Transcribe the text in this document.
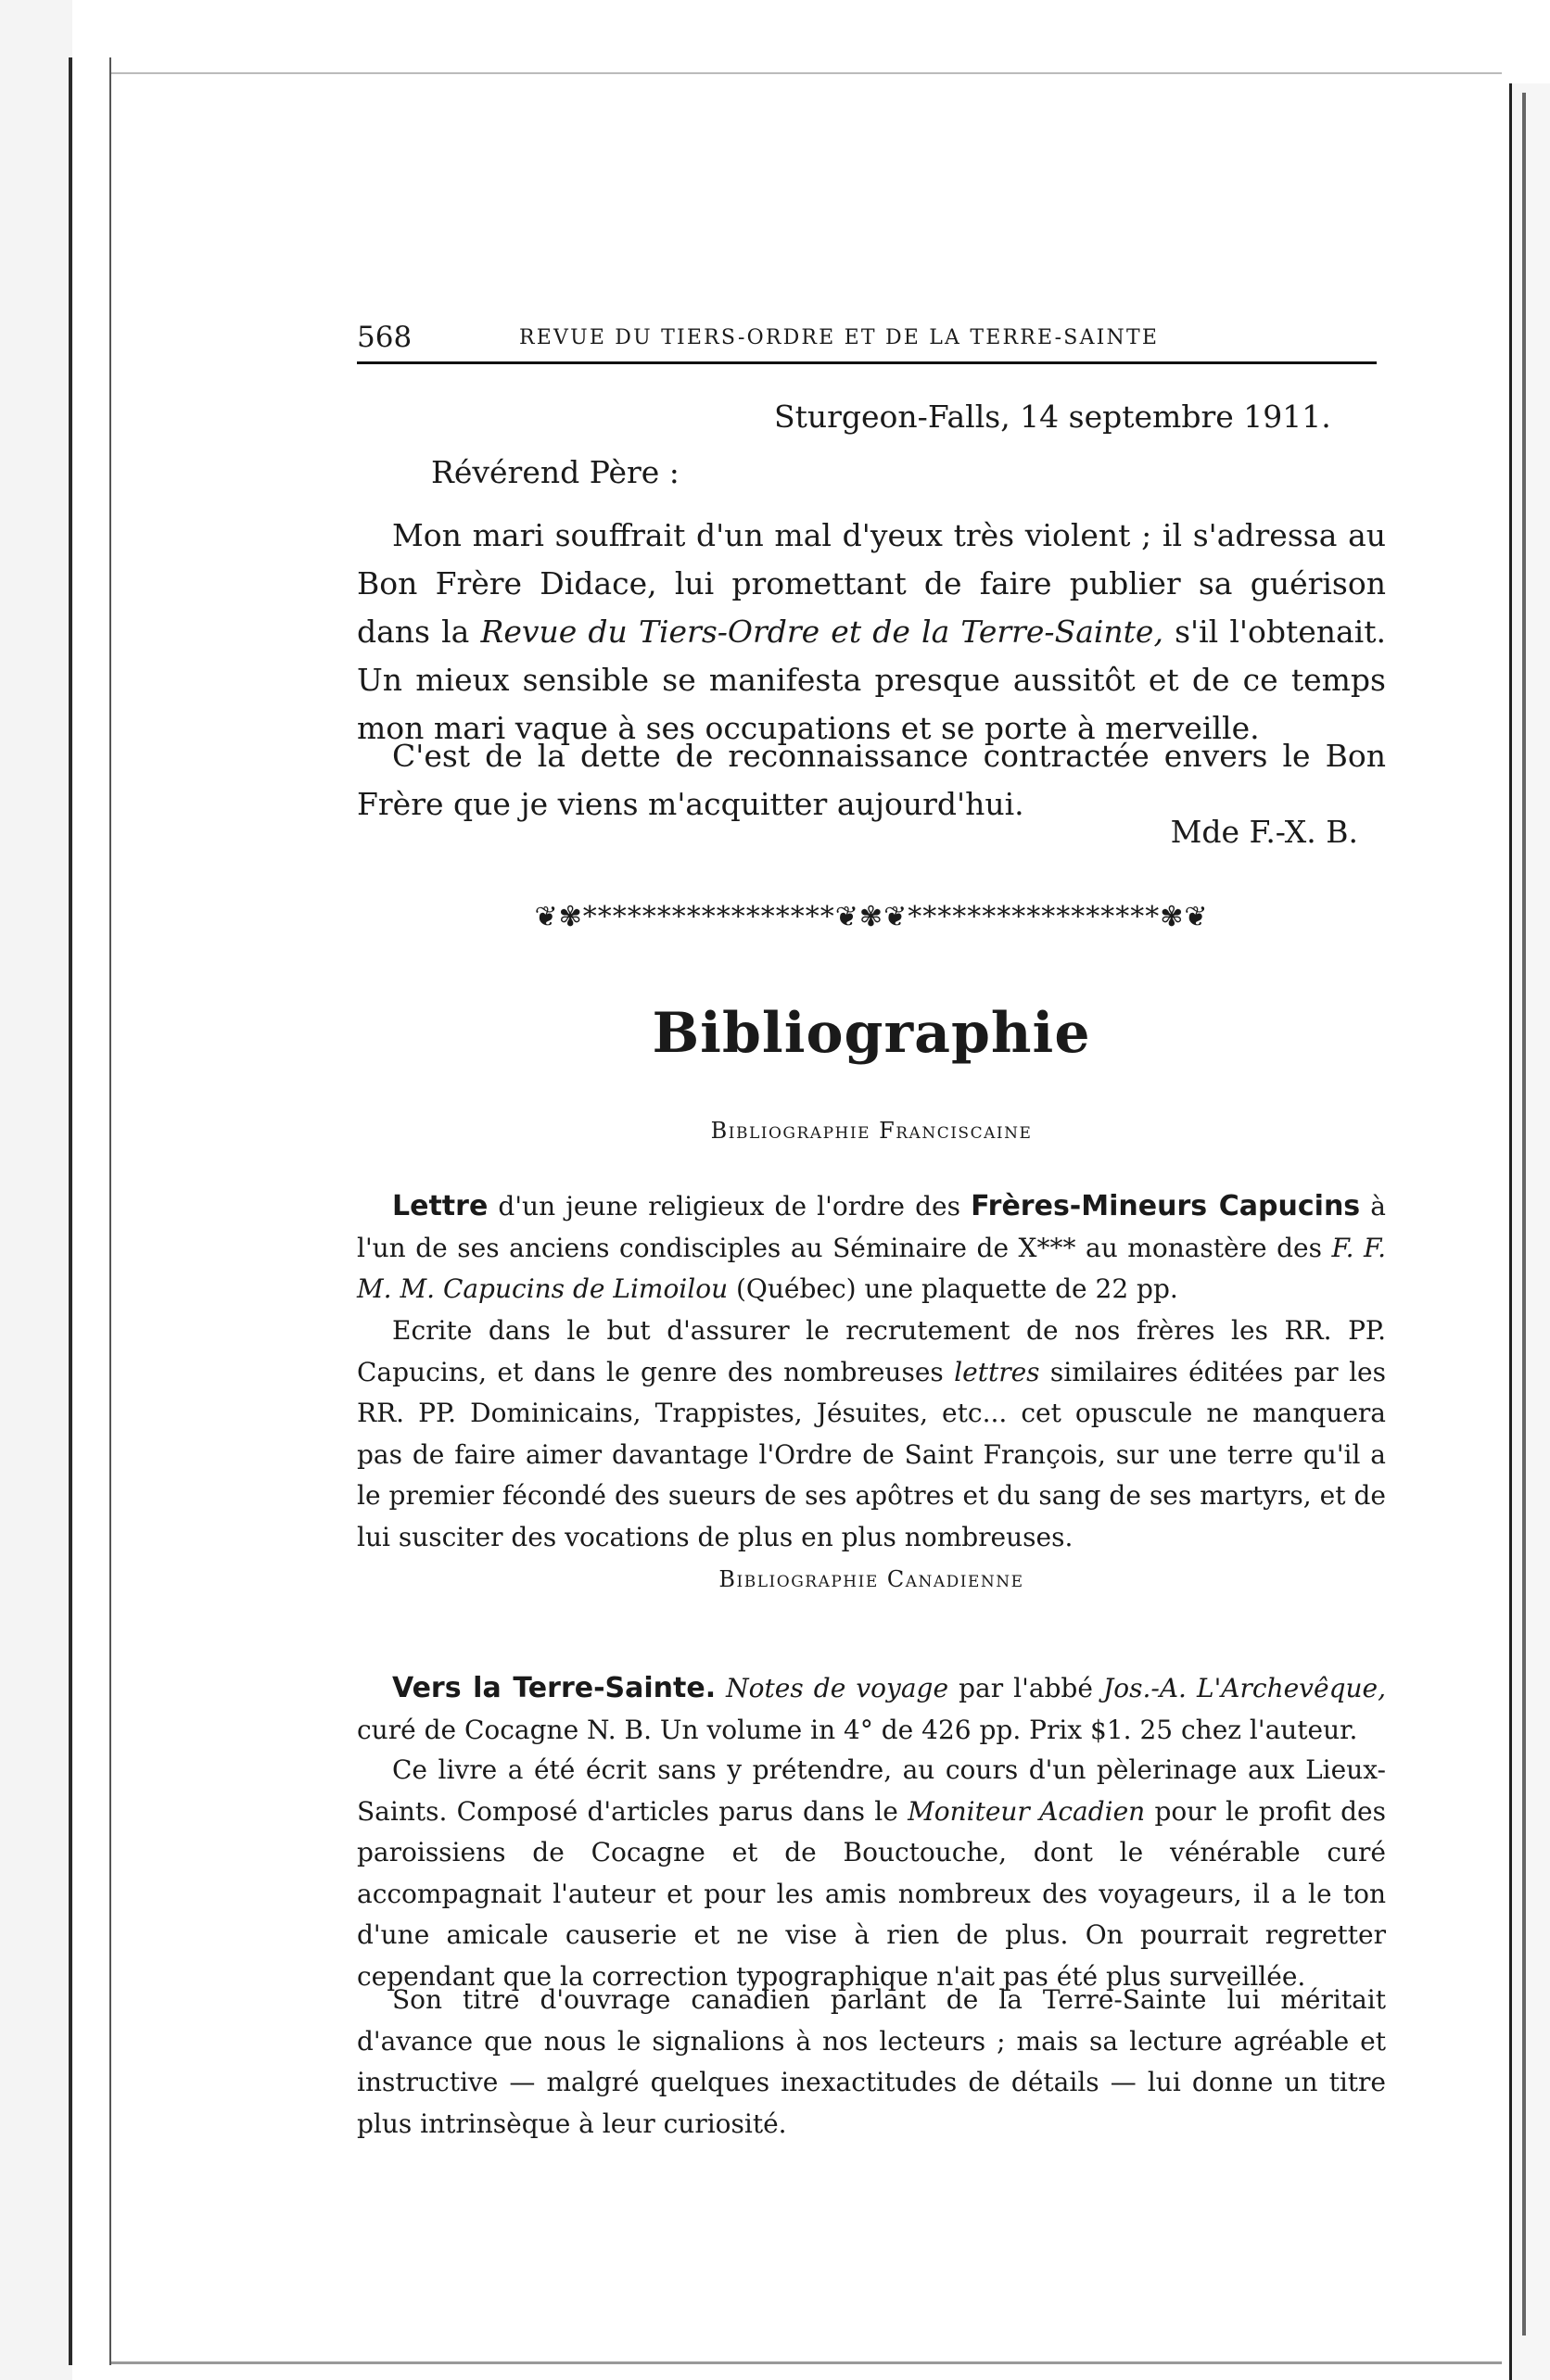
568	REVUE DU TIERS-ORDRE ET DE LA TERRE-SAINTE
Sturgeon-Falls, 14 septembre 1911.
Révérend Père :

Mon mari souffrait d'un mal d'yeux très violent ; il s'adressa au Bon Frère Didace, lui promettant de faire publier sa guérison dans la Revue du Tiers-Ordre et de la Terre-Sainte, s'il l'obtenait. Un mieux sensible se manifesta presque aussitôt et de ce temps mon mari vaque à ses occupations et se porte à merveille.

C'est de la dette de reconnaissance contractée envers le Bon Frère que je viens m'acquitter aujourd'hui.

Mde F.-X. B.
❦✾*****************❦✾❦*****************✾❦
Bibliographie
Bibliographie Franciscaine

Lettre d'un jeune religieux de l'ordre des Frères-Mineurs Capucins à l'un de ses anciens condisciples au Séminaire de X*** au monastère des F. F. M. M. Capucins de Limoilou (Québec) une plaquette de 22 pp.

Ecrite dans le but d'assurer le recrutement de nos frères les RR. PP. Capucins, et dans le genre des nombreuses lettres similaires éditées par les RR. PP. Dominicains, Trappistes, Jésuites, etc... cet opuscule ne manquera pas de faire aimer davantage l'Ordre de Saint François, sur une terre qu'il a le premier fécondé des sueurs de ses apôtres et du sang de ses martyrs, et de lui susciter des vocations de plus en plus nombreuses.

Bibliographie Canadienne

Vers la Terre-Sainte. Notes de voyage par l'abbé Jos.-A. L'Archevêque, curé de Cocagne N. B. Un volume in 4° de 426 pp. Prix $1. 25 chez l'auteur.

Ce livre a été écrit sans y prétendre, au cours d'un pèlerinage aux Lieux-Saints. Composé d'articles parus dans le Moniteur Acadien pour le profit des paroissiens de Cocagne et de Bouctouche, dont le vénérable curé accompagnait l'auteur et pour les amis nombreux des voyageurs, il a le ton d'une amicale causerie et ne vise à rien de plus. On pourrait regretter cependant que la correction typographique n'ait pas été plus surveillée.

Son titre d'ouvrage canadien parlant de la Terre-Sainte lui méritait d'avance que nous le signalions à nos lecteurs ; mais sa lecture agréable et instructive — malgré quelques inexactitudes de détails — lui donne un titre plus intrinsèque à leur curiosité.
